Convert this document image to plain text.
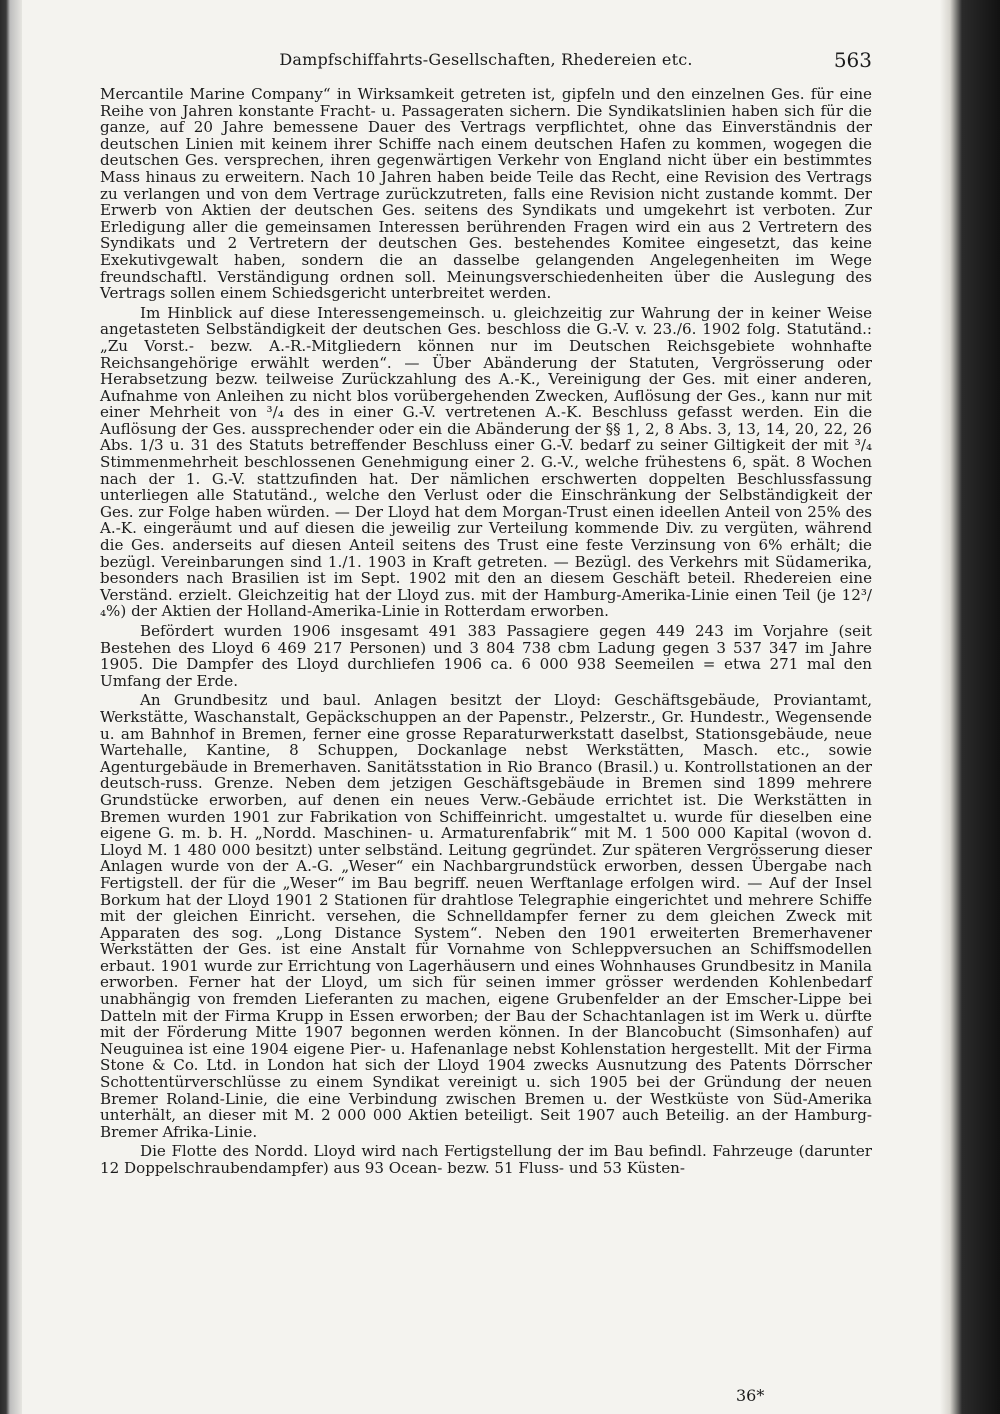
Dampfschiffahrts-Gesellschaften, Rhedereien etc.	563

Mercantile Marine Company“ in Wirksamkeit getreten ist, gipfeln und den einzelnen Ges. für eine Reihe von Jahren konstante Fracht- u. Passageraten sichern. Die Syndikatslinien haben sich für die ganze, auf 20 Jahre bemessene Dauer des Vertrags verpflichtet, ohne das Einverständnis der deutschen Linien mit keinem ihrer Schiffe nach einem deutschen Hafen zu kommen, wogegen die deutschen Ges. versprechen, ihren gegenwärtigen Verkehr von England nicht über ein bestimmtes Mass hinaus zu erweitern. Nach 10 Jahren haben beide Teile das Recht, eine Revision des Vertrags zu verlangen und von dem Vertrage zurückzutreten, falls eine Revision nicht zustande kommt. Der Erwerb von Aktien der deutschen Ges. seitens des Syndikats und umgekehrt ist verboten. Zur Erledigung aller die gemeinsamen Interessen berührenden Fragen wird ein aus 2 Vertretern des Syndikats und 2 Vertretern der deutschen Ges. bestehendes Komitee eingesetzt, das keine Exekutivgewalt haben, sondern die an dasselbe gelangenden Angelegenheiten im Wege freundschaftl. Verständigung ordnen soll. Meinungsverschiedenheiten über die Auslegung des Vertrags sollen einem Schiedsgericht unterbreitet werden.

Im Hinblick auf diese Interessengemeinsch. u. gleichzeitig zur Wahrung der in keiner Weise angetasteten Selbständigkeit der deutschen Ges. beschloss die G.-V. v. 23./6. 1902 folg. Statutänd.: „Zu Vorst.- bezw. A.-R.-Mitgliedern können nur im Deutschen Reichsgebiete wohnhafte Reichsangehörige erwählt werden“. — Über Abänderung der Statuten, Vergrösserung oder Herabsetzung bezw. teilweise Zurückzahlung des A.-K., Vereinigung der Ges. mit einer anderen, Aufnahme von Anleihen zu nicht blos vorübergehenden Zwecken, Auflösung der Ges., kann nur mit einer Mehrheit von ³/₄ des in einer G.-V. vertretenen A.-K. Beschluss gefasst werden. Ein die Auflösung der Ges. aussprechender oder ein die Abänderung der §§ 1, 2, 8 Abs. 3, 13, 14, 20, 22, 26 Abs. 1/3 u. 31 des Statuts betreffender Beschluss einer G.-V. bedarf zu seiner Giltigkeit der mit ³/₄ Stimmenmehrheit beschlossenen Genehmigung einer 2. G.-V., welche frühestens 6, spät. 8 Wochen nach der 1. G.-V. stattzufinden hat. Der nämlichen erschwerten doppelten Beschlussfassung unterliegen alle Statutänd., welche den Verlust oder die Einschränkung der Selbständigkeit der Ges. zur Folge haben würden. — Der Lloyd hat dem Morgan-Trust einen ideellen Anteil von 25% des A.-K. eingeräumt und auf diesen die jeweilig zur Verteilung kommende Div. zu vergüten, während die Ges. anderseits auf diesen Anteil seitens des Trust eine feste Verzinsung von 6% erhält; die bezügl. Vereinbarungen sind 1./1. 1903 in Kraft getreten. — Bezügl. des Verkehrs mit Südamerika, besonders nach Brasilien ist im Sept. 1902 mit den an diesem Geschäft beteil. Rhedereien eine Verständ. erzielt. Gleichzeitig hat der Lloyd zus. mit der Hamburg-Amerika-Linie einen Teil (je 12³/₄%) der Aktien der Holland-Amerika-Linie in Rotterdam erworben.

Befördert wurden 1906 insgesamt 491 383 Passagiere gegen 449 243 im Vorjahre (seit Bestehen des Lloyd 6 469 217 Personen) und 3 804 738 cbm Ladung gegen 3 537 347 im Jahre 1905. Die Dampfer des Lloyd durchliefen 1906 ca. 6 000 938 Seemeilen = etwa 271 mal den Umfang der Erde.

An Grundbesitz und baul. Anlagen besitzt der Lloyd: Geschäftsgebäude, Proviantamt, Werkstätte, Waschanstalt, Gepäckschuppen an der Papenstr., Pelzerstr., Gr. Hundestr., Wegensende u. am Bahnhof in Bremen, ferner eine grosse Reparaturwerkstatt daselbst, Stationsgebäude, neue Wartehalle, Kantine, 8 Schuppen, Dockanlage nebst Werkstätten, Masch. etc., sowie Agenturgebäude in Bremerhaven. Sanitätsstation in Rio Branco (Brasil.) u. Kontrollstationen an der deutsch-russ. Grenze. Neben dem jetzigen Geschäftsgebäude in Bremen sind 1899 mehrere Grundstücke erworben, auf denen ein neues Verw.-Gebäude errichtet ist. Die Werkstätten in Bremen wurden 1901 zur Fabrikation von Schiffeinricht. umgestaltet u. wurde für dieselben eine eigene G. m. b. H. „Nordd. Maschinen- u. Armaturenfabrik“ mit M. 1 500 000 Kapital (wovon d. Lloyd M. 1 480 000 besitzt) unter selbständ. Leitung gegründet. Zur späteren Vergrösserung dieser Anlagen wurde von der A.-G. „Weser“ ein Nachbargrundstück erworben, dessen Übergabe nach Fertigstell. der für die „Weser“ im Bau begriff. neuen Werftanlage erfolgen wird. — Auf der Insel Borkum hat der Lloyd 1901 2 Stationen für drahtlose Telegraphie eingerichtet und mehrere Schiffe mit der gleichen Einricht. versehen, die Schnelldampfer ferner zu dem gleichen Zweck mit Apparaten des sog. „Long Distance System“. Neben den 1901 erweiterten Bremerhavener Werkstätten der Ges. ist eine Anstalt für Vornahme von Schleppversuchen an Schiffsmodellen erbaut. 1901 wurde zur Errichtung von Lagerhäusern und eines Wohnhauses Grundbesitz in Manila erworben. Ferner hat der Lloyd, um sich für seinen immer grösser werdenden Kohlenbedarf unabhängig von fremden Lieferanten zu machen, eigene Grubenfelder an der Emscher-Lippe bei Datteln mit der Firma Krupp in Essen erworben; der Bau der Schachtanlagen ist im Werk u. dürfte mit der Förderung Mitte 1907 begonnen werden können. In der Blancobucht (Simsonhafen) auf Neuguinea ist eine 1904 eigene Pier- u. Hafenanlage nebst Kohlenstation hergestellt. Mit der Firma Stone & Co. Ltd. in London hat sich der Lloyd 1904 zwecks Ausnutzung des Patents Dörrscher Schottentürverschlüsse zu einem Syndikat vereinigt u. sich 1905 bei der Gründung der neuen Bremer Roland-Linie, die eine Verbindung zwischen Bremen u. der Westküste von Süd-Amerika unterhält, an dieser mit M. 2 000 000 Aktien beteiligt. Seit 1907 auch Beteilig. an der Hamburg-Bremer Afrika-Linie.

Die Flotte des Nordd. Lloyd wird nach Fertigstellung der im Bau befindl. Fahrzeuge (darunter 12 Doppelschraubendampfer) aus 93 Ocean- bezw. 51 Fluss- und 53 Küsten-

36*
